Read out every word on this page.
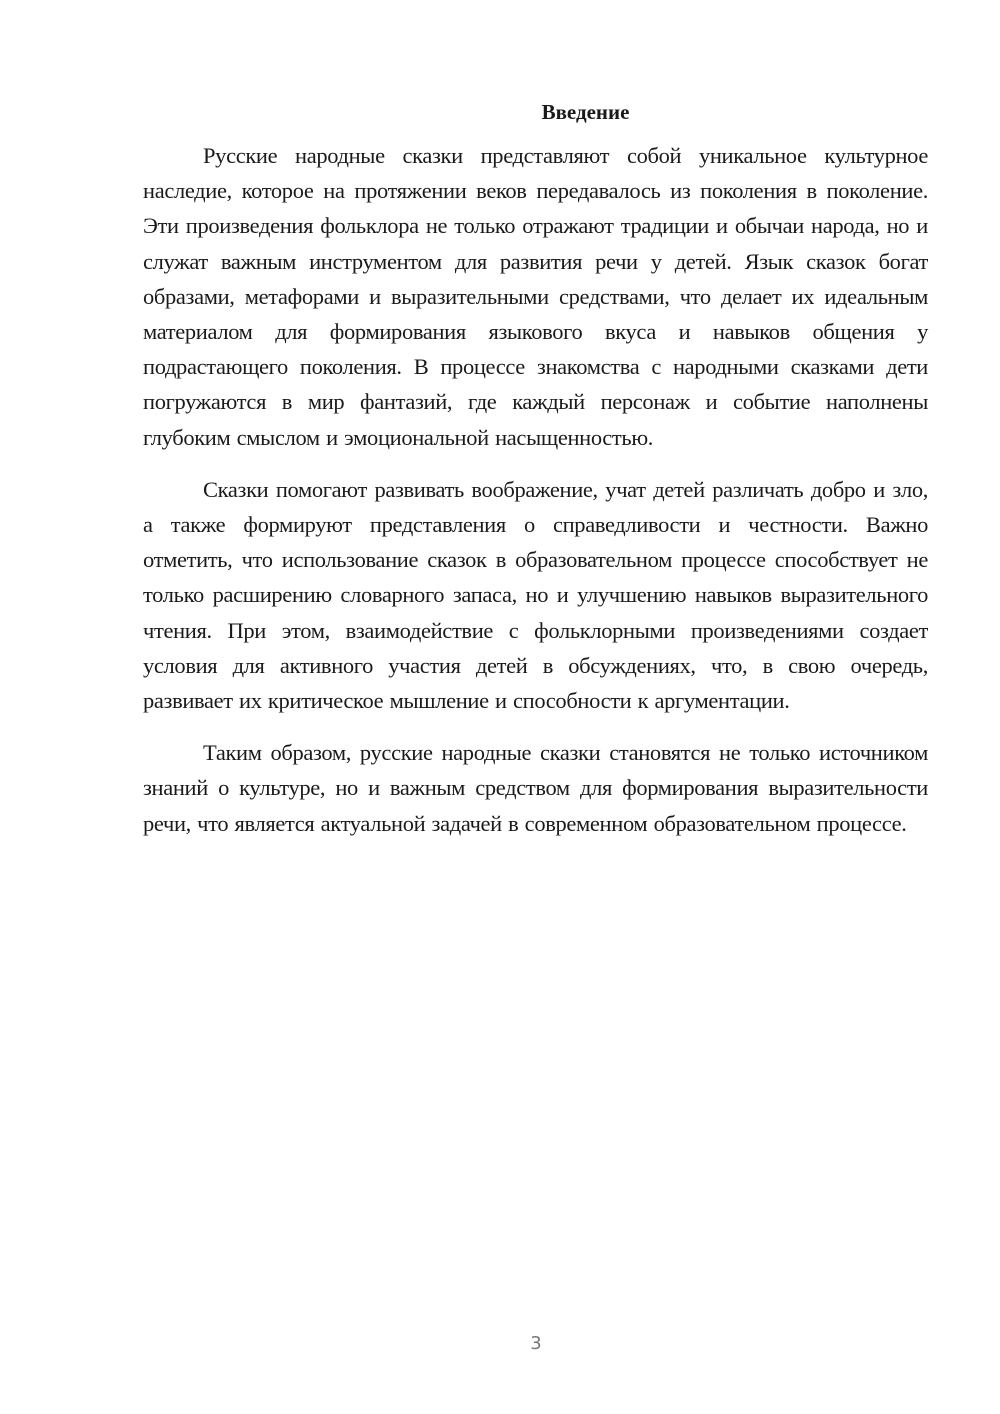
Введение

Русские народные сказки представляют собой уникальное культурное наследие, которое на протяжении веков передавалось из поколения в поколение. Эти произведения фольклора не только отражают традиции и обычаи народа, но и служат важным инструментом для развития речи у детей. Язык сказок богат образами, метафорами и выразительными средствами, что делает их идеальным материалом для формирования языкового вкуса и навыков общения у подрастающего поколения. В процессе знакомства с народными сказками дети погружаются в мир фантазий, где каждый персонаж и событие наполнены глубоким смыслом и эмоциональной насыщенностью.

Сказки помогают развивать воображение, учат детей различать добро и зло, а также формируют представления о справедливости и честности. Важно отметить, что использование сказок в образовательном процессе способствует не только расширению словарного запаса, но и улучшению навыков выразительного чтения. При этом, взаимодействие с фольклорными произведениями создает условия для активного участия детей в обсуждениях, что, в свою очередь, развивает их критическое мышление и способности к аргументации.

Таким образом, русские народные сказки становятся не только источником знаний о культуре, но и важным средством для формирования выразительности речи, что является актуальной задачей в современном образовательном процессе.

3
